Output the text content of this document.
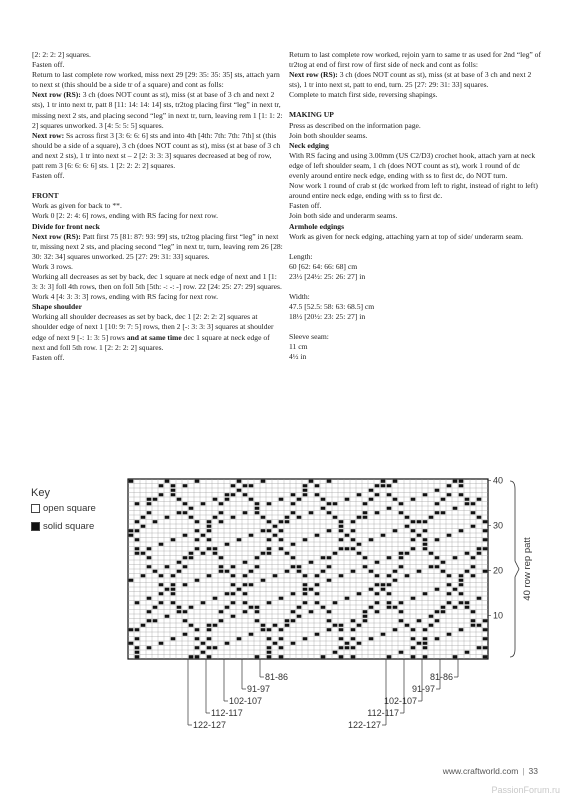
[2: 2: 2: 2] squares.

Fasten off.

Return to last complete row worked, miss next 29 [29: 35: 35: 35] sts, attach yarn to next st (this should be a side tr of a square) and cont as folls:

Next row (RS): 3 ch (does NOT count as st), miss (st at base of 3 ch and next 2 sts), 1 tr into next tr, patt 8 [11: 14: 14: 14] sts, tr2tog placing first “leg” in next tr, missing next 2 sts, and placing second “leg” in next tr, turn, leaving rem 1 [1: 1: 2: 2] squares unworked. 3 [4: 5: 5: 5] squares.

Next row: Ss across first 3 [3: 6: 6: 6] sts and into 4th [4th: 7th: 7th: 7th] st (this should be a side of a square), 3 ch (does NOT count as st), miss (st at base of 3 ch and next 2 sts), 1 tr into next st – 2 [2: 3: 3: 3] squares decreased at beg of row, patt rem 3 [6: 6: 6: 6] sts. 1 [2: 2: 2: 2] squares.

Fasten off.

FRONT

Work as given for back to **.

Work 0 [2: 2: 4: 6] rows, ending with RS facing for next row.

Divide for front neck

Next row (RS): Patt first 75 [81: 87: 93: 99] sts, tr2tog placing first “leg” in next tr, missing next 2 sts, and placing second “leg” in next tr, turn, leaving rem 26 [28: 30: 32: 34] squares unworked. 25 [27: 29: 31: 33] squares.

Work 3 rows.

Working all decreases as set by back, dec 1 square at neck edge of next and 1 [1: 3: 3: 3] foll 4th rows, then on foll 5th [5th: -: -: -] row. 22 [24: 25: 27: 29] squares.

Work 4 [4: 3: 3: 3] rows, ending with RS facing for next row.

Shape shoulder

Working all shoulder decreases as set by back, dec 1 [2: 2: 2: 2] squares at shoulder edge of next 1 [10: 9: 7: 5] rows, then 2 [-: 3: 3: 3] squares at shoulder edge of next 9 [-: 1: 3: 5] rows and at same time dec 1 square at neck edge of next and foll 5th row. 1 [2: 2: 2: 2] squares.

Fasten off.

Return to last complete row worked, rejoin yarn to same tr as used for 2nd “leg” of tr2tog at end of first row of first side of neck and cont as folls:

Next row (RS): 3 ch (does NOT count as st), miss (st at base of 3 ch and next 2 sts), 1 tr into next st, patt to end, turn. 25 [27: 29: 31: 33] squares.

Complete to match first side, reversing shapings.

MAKING UP

Press as described on the information page.

Join both shoulder seams.

Neck edging

With RS facing and using 3.00mm (US C2/D3) crochet hook, attach yarn at neck edge of left shoulder seam, 1 ch (does NOT count as st), work 1 round of dc evenly around entire neck edge, ending with ss to first dc, do NOT turn.

Now work 1 round of crab st (dc worked from left to right, instead of right to left) around entire neck edge, ending with ss to first dc.

Fasten off.

Join both side and underarm seams.

Armhole edgings

Work as given for neck edging, attaching yarn at top of side/ underarm seam.

Length:

60 [62: 64: 66: 68] cm

23½ [24½: 25: 26: 27] in

Width:

47.5 [52.5: 58: 63: 68.5] cm

18½ [20½: 23: 25: 27] in

Sleeve seam:

11 cm

4½ in

Key
open square
solid square
40
30
20
10
40 row rep patt
81-86	81-86
91-97	91-97
102-107	102-107
112-117	112-117
122-127	122-127
www.craftworld.com | 33
PassionForum.ru
